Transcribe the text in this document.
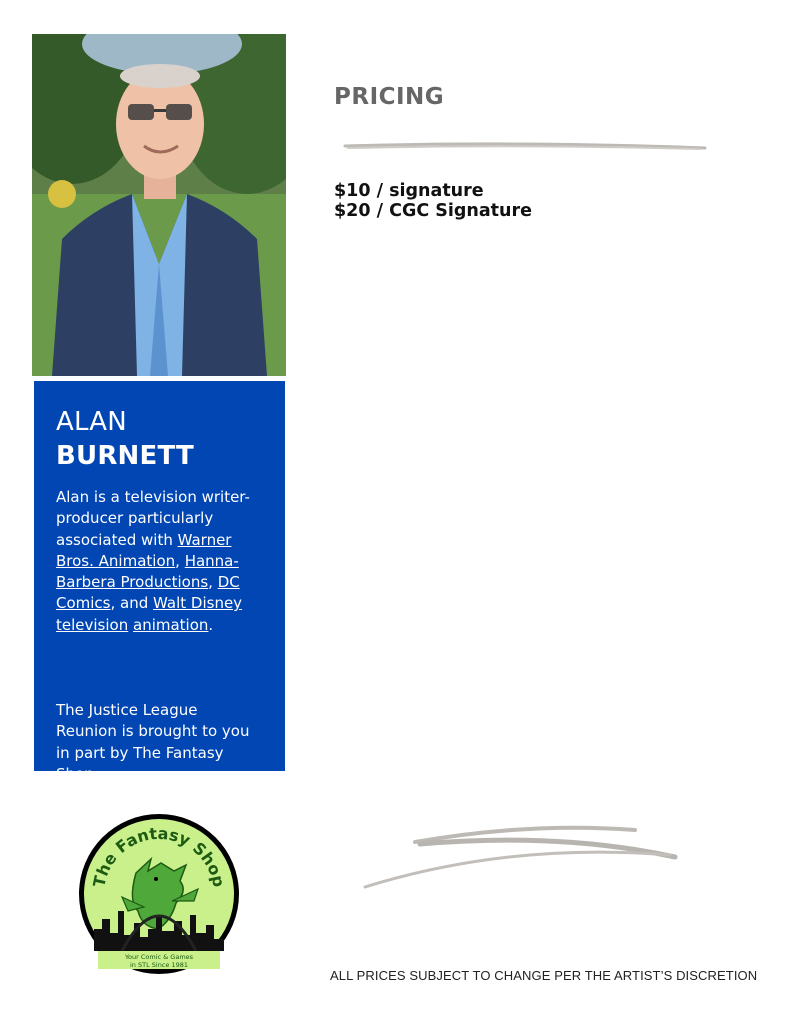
ALAN BURNETT

Alan is a television writer-producer particularly associated with Warner Bros. Animation, Hanna-Barbera Productions, DC Comics, and Walt Disney television animation.

The Justice League Reunion is brought to you in part by The Fantasy Shop.

PRICING
$10 / signature
$20 / CGC Signature
The Fantasy Shop
Your Comic & Games
in STL Since 1981
ALL PRICES SUBJECT TO CHANGE PER THE ARTIST’S DISCRETION
